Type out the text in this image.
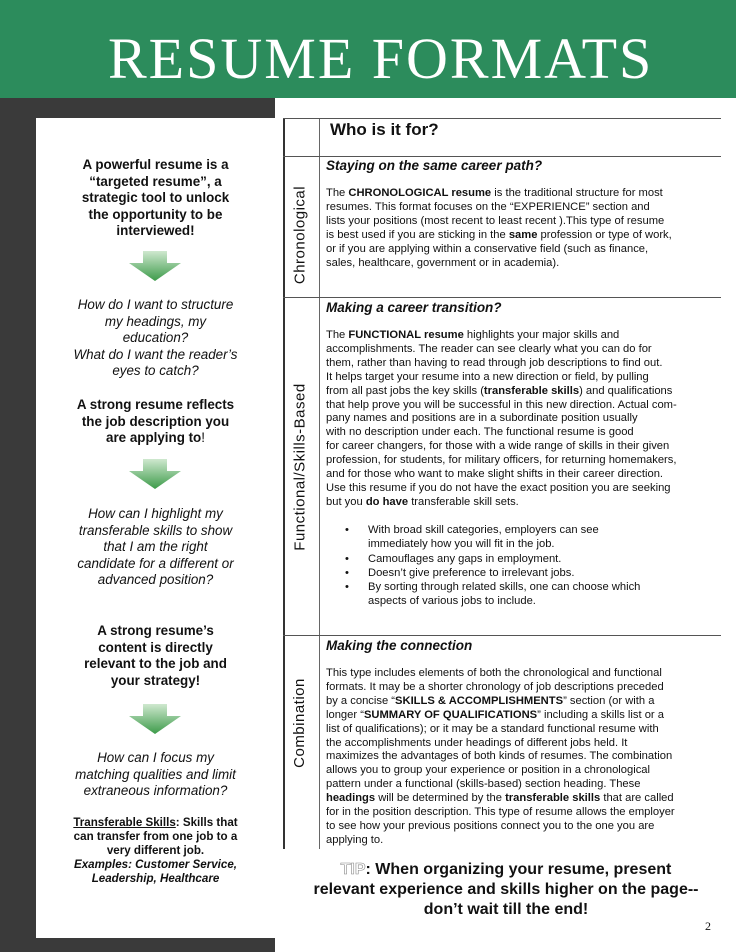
RESUME FORMATS
A powerful resume is a
“targeted resume”, a
strategic tool to unlock
the opportunity to be
interviewed!
How do I want to structure
my headings, my
education?
What do I want the reader’s
eyes to catch?
A strong resume reflects
the job description you
are applying to!
How can I highlight my
transferable skills to show
that I am the right
candidate for a different or
advanced position?
A strong resume’s
content is directly
relevant to the job and
your strategy!
How can I focus my
matching qualities and limit
extraneous information?
Transferable Skills: Skills that
can transfer from one job to a
very different job.
Examples: Customer Service,
Leadership, Healthcare
Who is it for?
Chronological
Functional/Skills-Based
Combination
Staying on the same career path?
The CHRONOLOGICAL resume is the traditional structure for most
resumes. This format focuses on the “EXPERIENCE” section and
lists your positions (most recent to least recent ).This type of resume
is best used if you are sticking in the same profession or type of work,
or if you are applying within a conservative field (such as finance,
sales, healthcare, government or in academia).
Making a career transition?
The FUNCTIONAL resume highlights your major skills and
accomplishments. The reader can see clearly what you can do for
them, rather than having to read through job descriptions to find out.
It helps target your resume into a new direction or field, by pulling
from all past jobs the key skills (transferable skills) and qualifications
that help prove you will be successful in this new direction. Actual com-
pany names and positions are in a subordinate position usually
with no description under each. The functional resume is good
for career changers, for those with a wide range of skills in their given
profession, for students, for military officers, for returning homemakers,
and for those who want to make slight shifts in their career direction.
Use this resume if you do not have the exact position you are seeking
but you do have transferable skill sets.
• With broad skill categories, employers can see
immediately how you will fit in the job.
• Camouflages any gaps in employment.
• Doesn’t give preference to irrelevant jobs.
• By sorting through related skills, one can choose which
aspects of various jobs to include.
Making the connection
This type includes elements of both the chronological and functional
formats. It may be a shorter chronology of job descriptions preceded
by a concise “SKILLS & ACCOMPLISHMENTS” section (or with a
longer “SUMMARY OF QUALIFICATIONS” including a skills list or a
list of qualifications); or it may be a standard functional resume with
the accomplishments under headings of different jobs held. It
maximizes the advantages of both kinds of resumes. The combination
allows you to group your experience or position in a chronological
pattern under a functional (skills-based) section heading. These
headings will be determined by the transferable skills that are called
for in the position description. This type of resume allows the employer
to see how your previous positions connect you to the one you are
applying to.
TIP: When organizing your resume, present
relevant experience and skills higher on the page--
don’t wait till the end!
2
